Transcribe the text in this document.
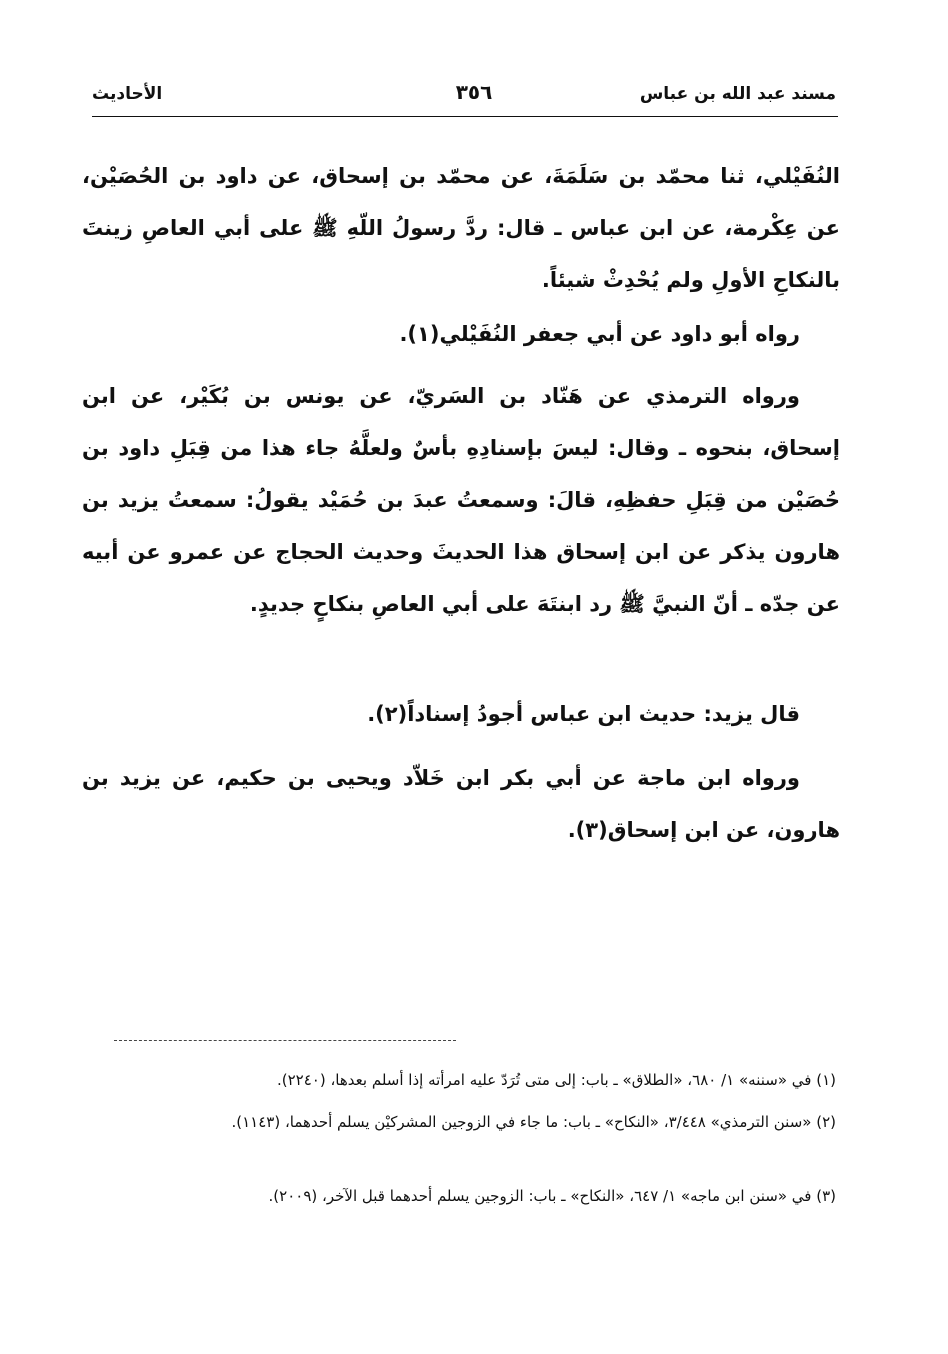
مسند عبد الله بن عباس
٣٥٦
الأحاديث

النُفَيْلي، ثنا محمّد بن سَلَمَةَ، عن محمّد بن إسحاق، عن داود بن الحُصَيْن، عن عِكْرمة، عن ابن عباس ـ قال: ردَّ رسولُ اللّهِ ﷺ على أبي العاصِ زينتَ بالنكاحِ الأولِ ولم يُحْدِثْ شيئاً.

رواه أبو داود عن أبي جعفر النُفَيْلي(١).

ورواه الترمذي عن هَنّاد بن السَريّ، عن يونس بن بُكَيْر، عن ابن إسحاق، بنحوه ـ وقال: ليسَ بإسنادِهِ بأسٌ ولعلَّهُ جاء هذا من قِبَلِ داود بن حُصَيْن من قِبَلِ حفظِهِ، قالَ: وسمعتُ عبدَ بن حُمَيْد يقولُ: سمعتُ يزيد بن هارون يذكر عن ابن إسحاق هذا الحديثَ وحديث الحجاج عن عمرو عن أبيه عن جدّه ـ أنّ النبيَّ ﷺ رد ابنتَهَ على أبي العاصِ بنكاحٍ جديدٍ.

قال يزيد: حديث ابن عباس أجودُ إسناداً(٢).

ورواه ابن ماجة عن أبي بكر ابن خَلاّد ويحيى بن حكيم، عن يزيد بن هارون، عن ابن إسحاق(٣).

(١) في «سننه» ١/ ٦٨٠، «الطلاق» ـ باب: إلى متى تُرَدّ عليه امرأته إذا أسلم بعدها، (٢٢٤٠).

(٢) «سنن الترمذي» ٣/٤٤٨، «النكاح» ـ باب: ما جاء في الزوجين المشركيْن يسلم أحدهما، (١١٤٣).

(٣) في «سنن ابن ماجه» ١/ ٦٤٧، «النكاح» ـ باب: الزوجين يسلم أحدهما قبل الآخر، (٢٠٠٩).
